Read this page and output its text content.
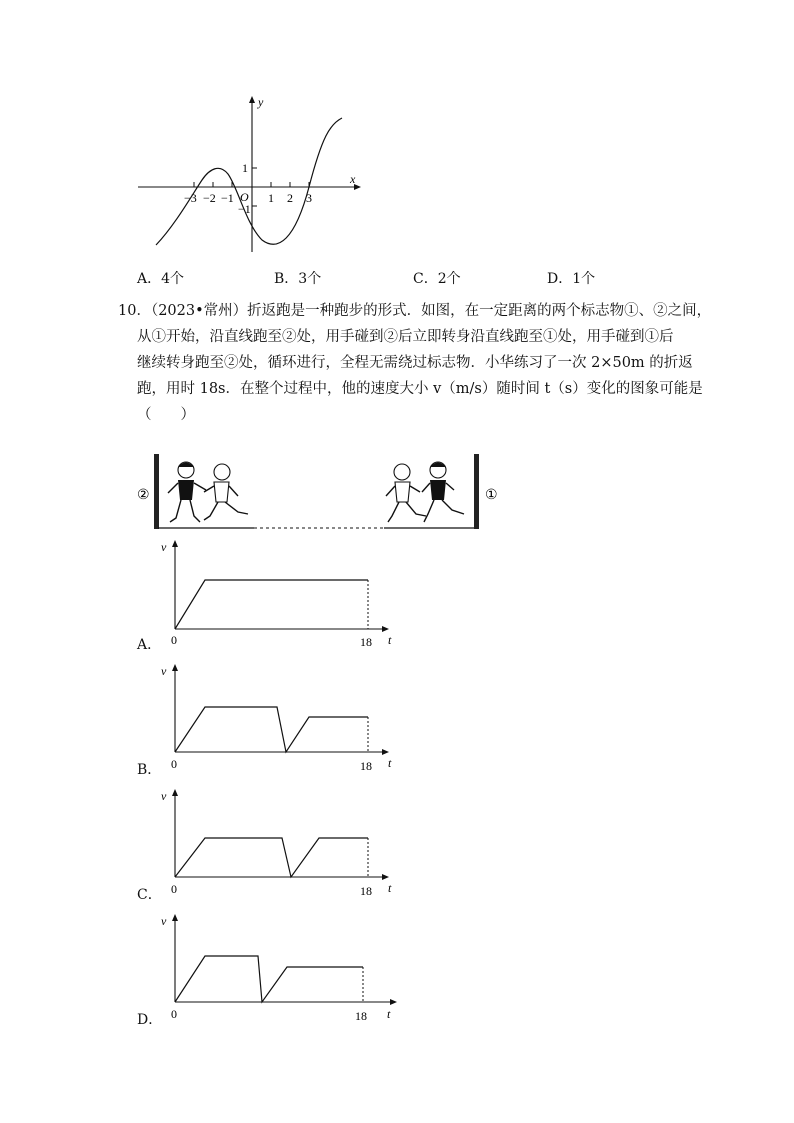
x
y
O
−3 −2 −1	1 2 3
1
−1
A．4个	B．3个	C．2个	D．1个
10．（2023•常州）折返跑是一种跑步的形式．如图，在一定距离的两个标志物①、②之间，
从①开始，沿直线跑至②处，用手碰到②后立即转身沿直线跑至①处，用手碰到①后
继续转身跑至②处，循环进行，全程无需绕过标志物．小华练习了一次 2×50m 的折返
跑，用时 18s．在整个过程中，他的速度大小 v（m/s）随时间 t（s）变化的图象可能是
（　　）
②	①
v
t
0	18
A．
v
t
0	18
B．
v
t
0	18
C．
v
t
0	18
D．
